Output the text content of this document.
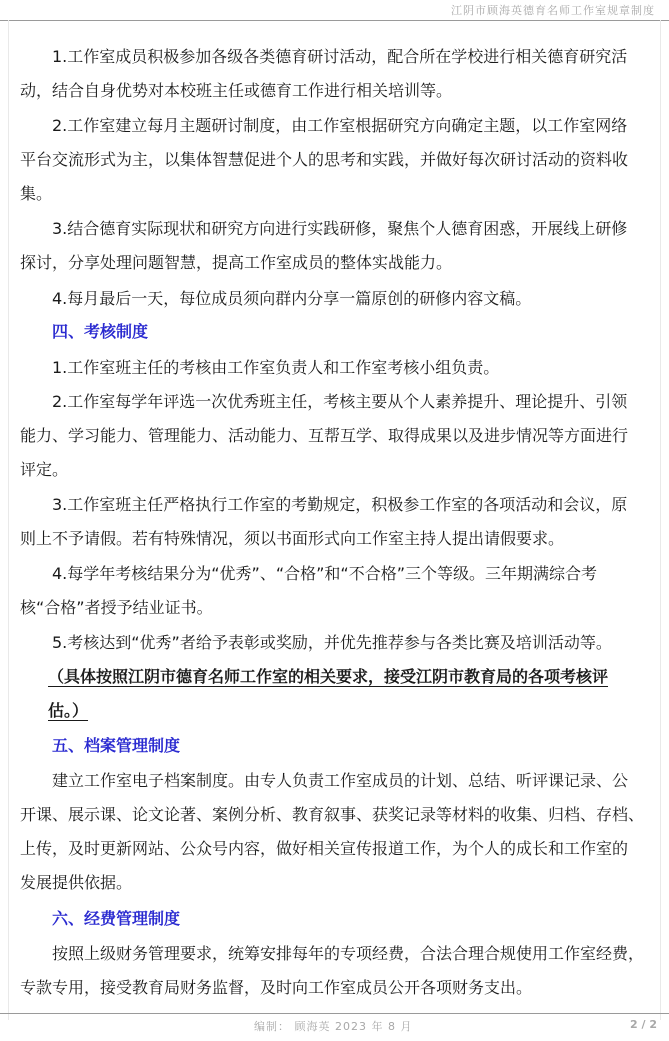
江阴市顾海英德育名师工作室规章制度
1.工作室成员积极参加各级各类德育研讨活动，配合所在学校进行相关德育研究活
动，结合自身优势对本校班主任或德育工作进行相关培训等。
2.工作室建立每月主题研讨制度，由工作室根据研究方向确定主题，以工作室网络
平台交流形式为主，以集体智慧促进个人的思考和实践，并做好每次研讨活动的资料收
集。
3.结合德育实际现状和研究方向进行实践研修，聚焦个人德育困惑，开展线上研修
探讨，分享处理问题智慧，提高工作室成员的整体实战能力。
4.每月最后一天，每位成员须向群内分享一篇原创的研修内容文稿。
四、考核制度
1.工作室班主任的考核由工作室负责人和工作室考核小组负责。
2.工作室每学年评选一次优秀班主任，考核主要从个人素养提升、理论提升、引领
能力、学习能力、管理能力、活动能力、互帮互学、取得成果以及进步情况等方面进行
评定。
3.工作室班主任严格执行工作室的考勤规定，积极参工作室的各项活动和会议，原
则上不予请假。若有特殊情况，须以书面形式向工作室主持人提出请假要求。
4.每学年考核结果分为“优秀”、“合格”和“不合格”三个等级。三年期满综合考
核“合格”者授予结业证书。
5.考核达到“优秀”者给予表彰或奖励，并优先推荐参与各类比赛及培训活动等。
（具体按照江阴市德育名师工作室的相关要求，接受江阴市教育局的各项考核评
估。）
五、档案管理制度
建立工作室电子档案制度。由专人负责工作室成员的计划、总结、听评课记录、公
开课、展示课、论文论著、案例分析、教育叙事、获奖记录等材料的收集、归档、存档、
上传，及时更新网站、公众号内容，做好相关宣传报道工作，为个人的成长和工作室的
发展提供依据。
六、经费管理制度
按照上级财务管理要求，统筹安排每年的专项经费，合法合理合规使用工作室经费，
专款专用，接受教育局财务监督，及时向工作室成员公开各项财务支出。
编制： 顾海英 2023 年 8 月	2 / 2
